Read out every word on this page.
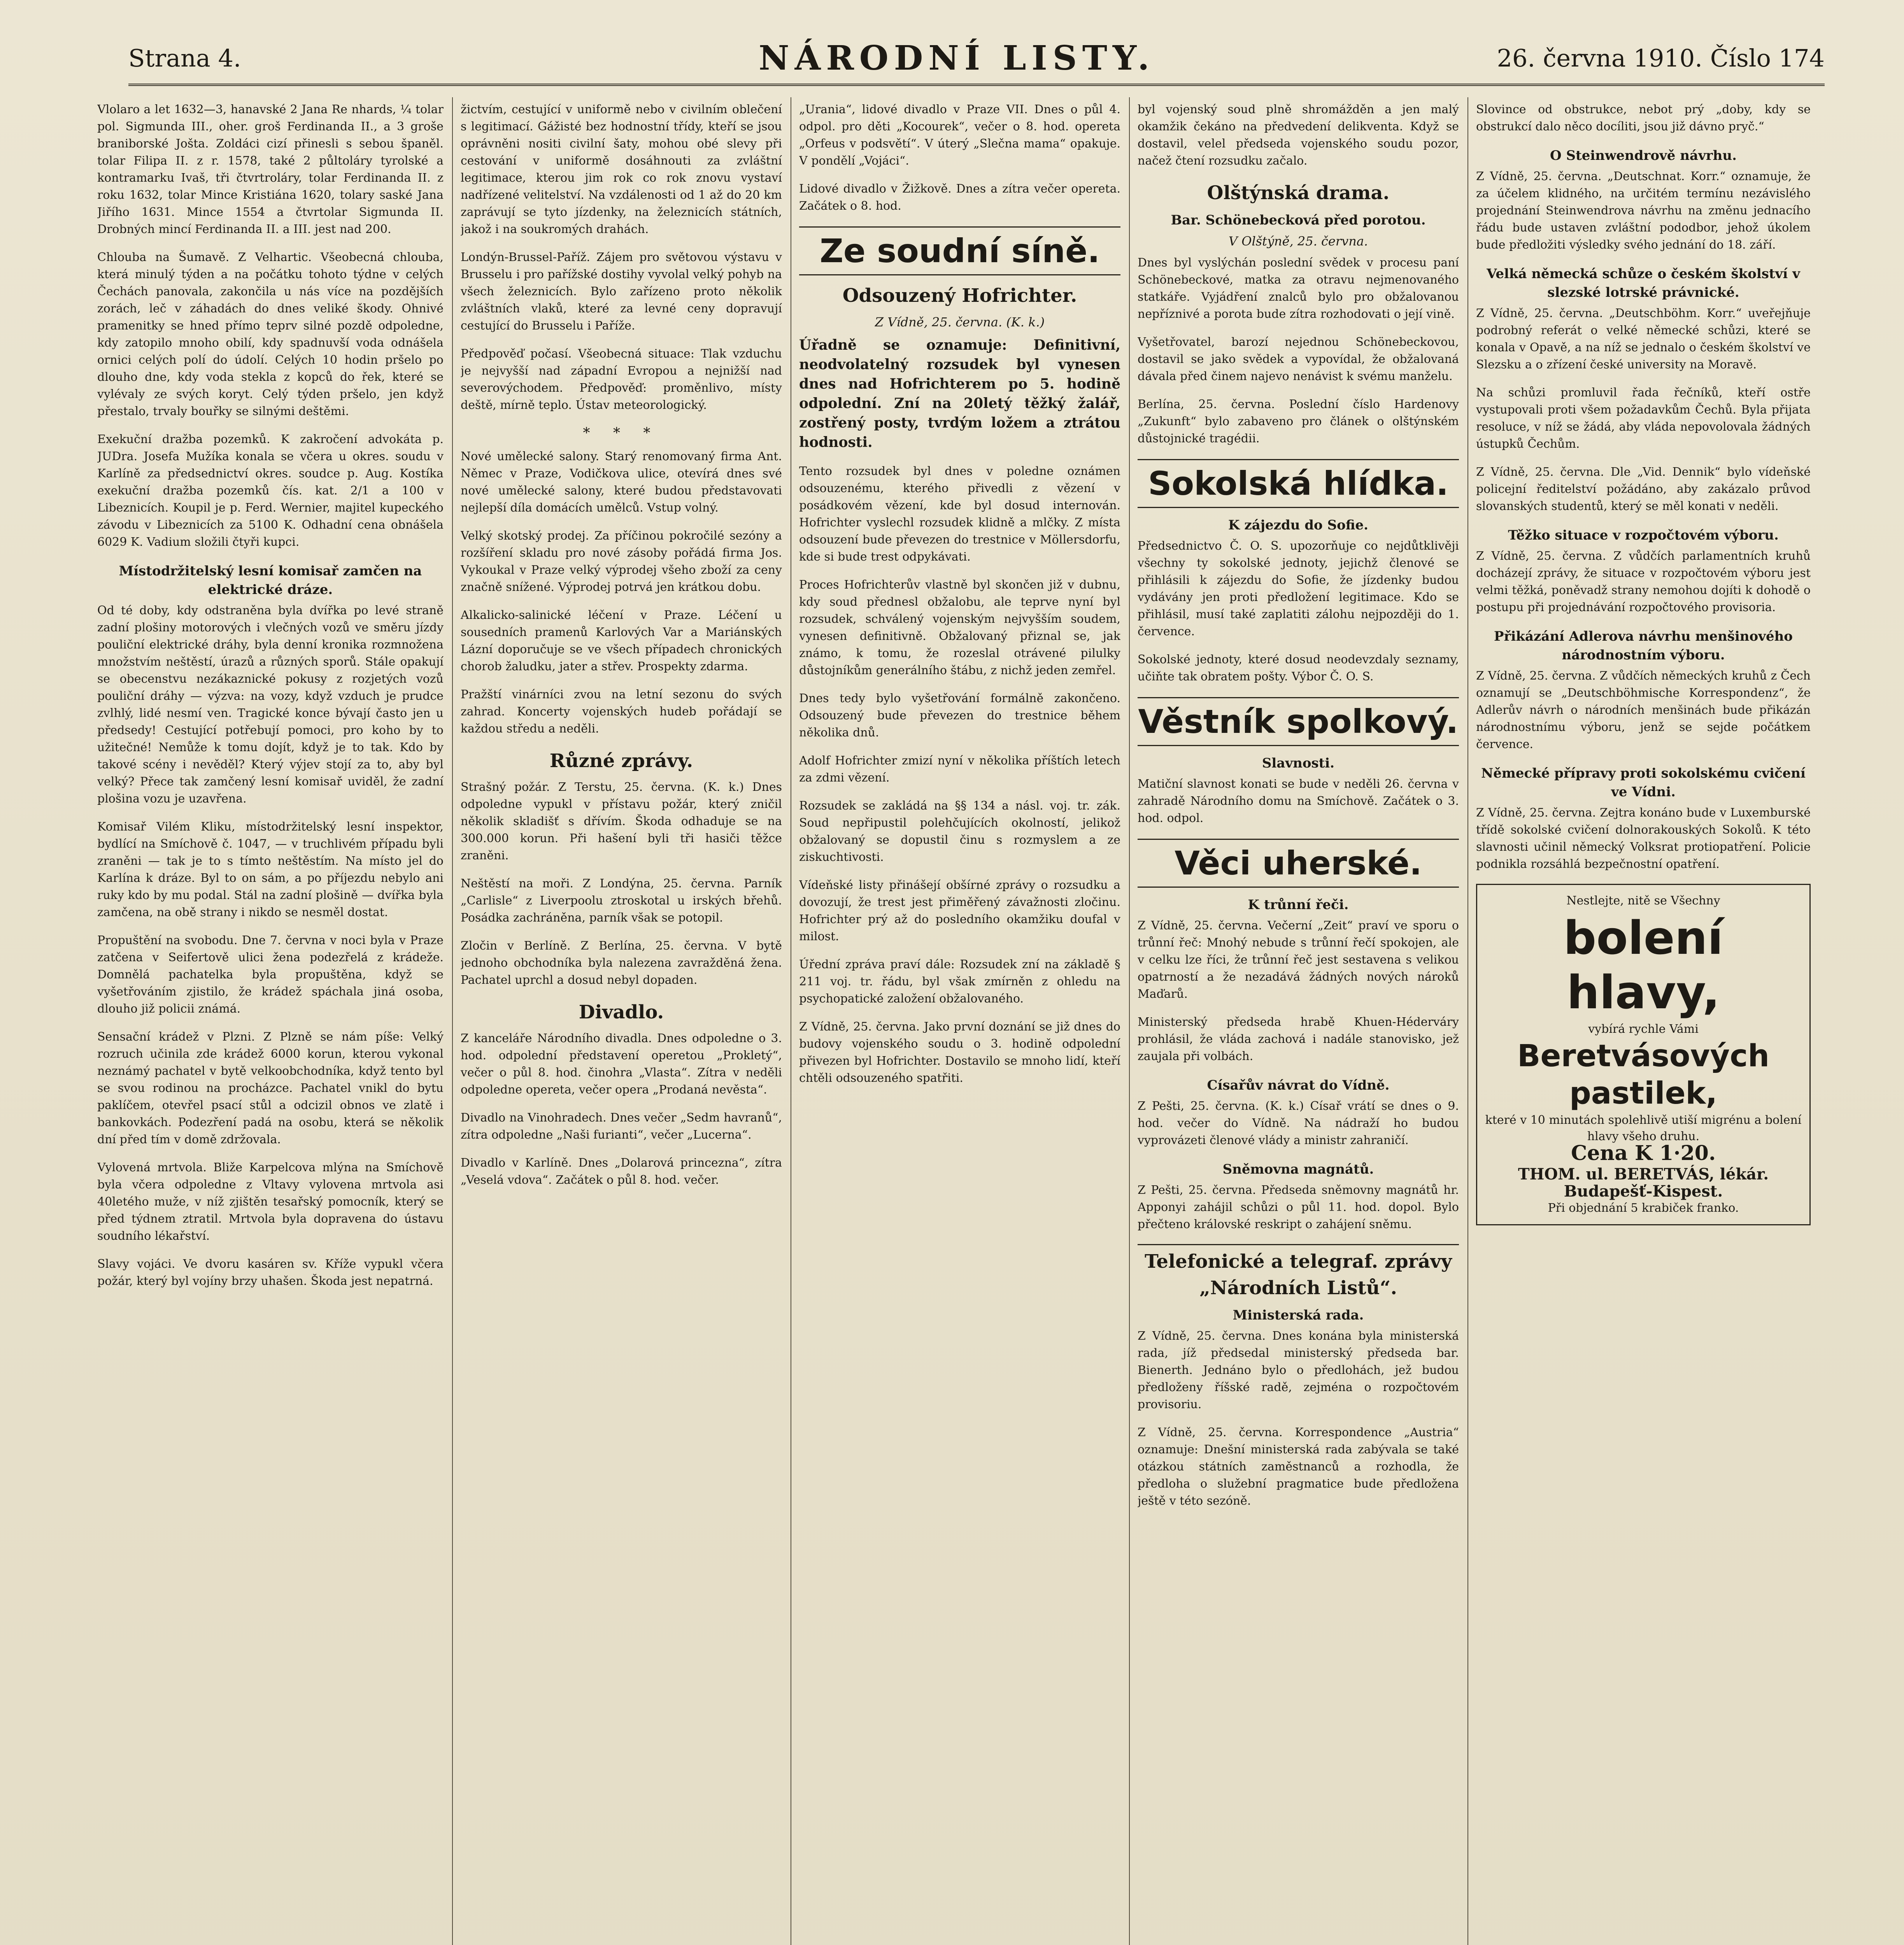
Strana 4.	NÁRODNÍ LISTY.	26. června 1910. Číslo 174
Vlolaro a let 1632—3, hanavské 2 Jana Re nhards, ¼ tolar pol. Sigmunda III., oher. groš Ferdinanda II., a 3 groše braniborské Jošta. Zoldáci cizí přinesli s sebou španěl. tolar Filipa II. z r. 1578, také 2 půltoláry tyrolské a kontramarku Ivaš, tři čtvrtroláry, tolar Ferdinanda II. z roku 1632, tolar Mince Kristiána 1620, tolary saské Jana Jiřího 1631. Mince 1554 a čtvrtolar Sigmunda II. Drobných mincí Ferdinanda II. a III. jest nad 200.
Chlouba na Šumavě. Z Velhartic. Všeobecná chlouba, která minulý týden a na počátku tohoto týdne v celých Čechách panovala, zakončila u nás více na pozdějších zorách, leč v záhadách do dnes veliké škody. Ohnivé pramenitky se hned přímo teprv silné pozdě odpoledne, kdy zatopilo mnoho obilí, kdy spadnuvší voda odnášela ornici celých polí do údolí. Celých 10 hodin pršelo po dlouho dne, kdy voda stekla z kopců do řek, které se vylévaly ze svých koryt. Celý týden pršelo, jen když přestalo, trvaly bouřky se silnými deštěmi.
Exekuční dražba pozemků. K zakročení advokáta p. JUDra. Josefa Mužíka konala se včera u okres. soudu v Karlíně za předsednictví okres. soudce p. Aug. Kostíka exekuční dražba pozemků čís. kat. 2/1 a 100 v Libeznicích. Koupil je p. Ferd. Wernier, majitel kupeckého závodu v Libeznicích za 5100 K. Odhadní cena obnášela 6029 K. Vadium složili čtyři kupci.
Místodržitelský lesní komisař zamčen na elektrické dráze.
Od té doby, kdy odstraněna byla dvířka po levé straně zadní plošiny motorových i vlečných vozů ve směru jízdy pouliční elektrické dráhy, byla denní kronika rozmnožena množstvím neštěstí, úrazů a různých sporů. Stále opakují se obecenstvu nezákaznické pokusy z rozjetých vozů pouliční dráhy — výzva: na vozy, když vzduch je prudce zvlhlý, lidé nesmí ven. Tragické konce bývají často jen u předsedy! Cestující potřebují pomoci, pro koho by to užitečné! Nemůže k tomu dojít, když je to tak. Kdo by takové scény i nevěděl? Který výjev stojí za to, aby byl velký? Přece tak zamčený lesní komisař uviděl, že zadní plošina vozu je uzavřena.
Komisař Vilém Kliku, místodržitelský lesní inspektor, bydlící na Smíchově č. 1047, — v truchlivém případu byli zraněni — tak je to s tímto neštěstím. Na místo jel do Karlína k dráze. Byl to on sám, a po příjezdu nebylo ani ruky kdo by mu podal. Stál na zadní plošině — dvířka byla zamčena, na obě strany i nikdo se nesměl dostat.
Propuštění na svobodu. Dne 7. června v noci byla v Praze zatčena v Seifertově ulici žena podezřelá z krádeže. Domnělá pachatelka byla propuštěna, když se vyšetřováním zjistilo, že krádež spáchala jiná osoba, dlouho již policii známá.
Sensační krádež v Plzni. Z Plzně se nám píše: Velký rozruch učinila zde krádež 6000 korun, kterou vykonal neznámý pachatel v bytě velkoobchodníka, když tento byl se svou rodinou na procházce. Pachatel vnikl do bytu paklíčem, otevřel psací stůl a odcizil obnos ve zlatě i bankovkách. Podezření padá na osobu, která se několik dní před tím v domě zdržovala.
Vylovená mrtvola. Bliže Karpelcova mlýna na Smíchově byla včera odpoledne z Vltavy vylovena mrtvola asi 40letého muže, v níž zjištěn tesařský pomocník, který se před týdnem ztratil. Mrtvola byla dopravena do ústavu soudního lékařství.
Slavy vojáci. Ve dvoru kasáren sv. Kříže vypukl včera požár, který byl vojíny brzy uhašen. Škoda jest nepatrná.
žictvím, cestující v uniformě nebo v civilním oblečení s legitimací. Gážisté bez hodnostní třídy, kteří se jsou oprávněni nositi civilní šaty, mohou obé slevy při cestování v uniformě dosáhnouti za zvláštní legitimace, kterou jim rok co rok znovu vystaví nadřízené velitelství. Na vzdálenosti od 1 až do 20 km zaprávují se tyto jízdenky, na železnicích státních, jakož i na soukromých drahách.
Londýn-Brussel-Paříž. Zájem pro světovou výstavu v Brusselu i pro pařížské dostihy vyvolal velký pohyb na všech železnicích. Bylo zařízeno proto několik zvláštních vlaků, které za levné ceny dopravují cestující do Brusselu i Paříže.
Předpověď počasí. Všeobecná situace: Tlak vzduchu je nejvyšší nad západní Evropou a nejnižší nad severovýchodem. Předpověď: proměnlivo, místy deště, mírně teplo. Ústav meteorologický.
* * *
Nové umělecké salony. Starý renomovaný firma Ant. Němec v Praze, Vodičkova ulice, otevírá dnes své nové umělecké salony, které budou představovati nejlepší díla domácích umělců. Vstup volný.
Velký skotský prodej. Za příčinou pokročilé sezóny a rozšíření skladu pro nové zásoby pořádá firma Jos. Vykoukal v Praze velký výprodej všeho zboží za ceny značně snížené. Výprodej potrvá jen krátkou dobu.
Alkalicko-salinické léčení v Praze. Léčení u sousedních pramenů Karlových Var a Mariánských Lázní doporučuje se ve všech případech chronických chorob žaludku, jater a střev. Prospekty zdarma.
Pražští vinárníci zvou na letní sezonu do svých zahrad. Koncerty vojenských hudeb pořádají se každou středu a neděli.
Různé zprávy.
Strašný požár. Z Terstu, 25. června. (K. k.) Dnes odpoledne vypukl v přístavu požár, který zničil několik skladišť s dřívím. Škoda odhaduje se na 300.000 korun. Při hašení byli tři hasiči těžce zraněni.
Neštěstí na moři. Z Londýna, 25. června. Parník „Carlisle“ z Liverpoolu ztroskotal u irských břehů. Posádka zachráněna, parník však se potopil.
Zločin v Berlíně. Z Berlína, 25. června. V bytě jednoho obchodníka byla nalezena zavražděná žena. Pachatel uprchl a dosud nebyl dopaden.
Divadlo.
Z kanceláře Národního divadla. Dnes odpoledne o 3. hod. odpolední představení operetou „Prokletý“, večer o půl 8. hod. činohra „Vlasta“. Zítra v neděli odpoledne opereta, večer opera „Prodaná nevěsta“.
Divadlo na Vinohradech. Dnes večer „Sedm havranů“, zítra odpoledne „Naši furianti“, večer „Lucerna“.
Divadlo v Karlíně. Dnes „Dolarová princezna“, zítra „Veselá vdova“. Začátek o půl 8. hod. večer.
„Urania“, lidové divadlo v Praze VII. Dnes o půl 4. odpol. pro děti „Kocourek“, večer o 8. hod. opereta „Orfeus v podsvětí“. V úterý „Slečna mama“ opakuje. V pondělí „Vojáci“.
Lidové divadlo v Žižkově. Dnes a zítra večer opereta. Začátek o 8. hod.
Ze soudní síně.
Odsouzený Hofrichter.
Z Vídně, 25. června. (K. k.)
Úřadně se oznamuje: Definitivní, neodvolatelný rozsudek byl vynesen dnes nad Hofrichterem po 5. hodině odpolední. Zní na 20letý těžký žalář, zostřený posty, tvrdým ložem a ztrátou hodnosti.
Tento rozsudek byl dnes v poledne oznámen odsouzenému, kterého přivedli z vězení v posádkovém vězení, kde byl dosud internován. Hofrichter vyslechl rozsudek klidně a mlčky. Z místa odsouzení bude převezen do trestnice v Möllersdorfu, kde si bude trest odpykávati.
Proces Hofrichterův vlastně byl skončen již v dubnu, kdy soud přednesl obžalobu, ale teprve nyní byl rozsudek, schválený vojenským nejvyšším soudem, vynesen definitivně. Obžalovaný přiznal se, jak známo, k tomu, že rozeslal otrávené pilulky důstojníkům generálního štábu, z nichž jeden zemřel.
Dnes tedy bylo vyšetřování formálně zakončeno. Odsouzený bude převezen do trestnice během několika dnů.
Adolf Hofrichter zmizí nyní v několika příštích letech za zdmi vězení.
Rozsudek se zakládá na §§ 134 a násl. voj. tr. zák. Soud nepřipustil polehčujících okolností, jelikož obžalovaný se dopustil činu s rozmyslem a ze ziskuchtivosti.
Vídeňské listy přinášejí obšírné zprávy o rozsudku a dovozují, že trest jest přiměřený závažnosti zločinu. Hofrichter prý až do posledního okamžiku doufal v milost.
Úřední zpráva praví dále: Rozsudek zní na základě § 211 voj. tr. řádu, byl však zmírněn z ohledu na psychopatické založení obžalovaného.
Z Vídně, 25. června. Jako první doznání se již dnes do budovy vojenského soudu o 3. hodině odpolední přivezen byl Hofrichter. Dostavilo se mnoho lidí, kteří chtěli odsouzeného spatřiti.
byl vojenský soud plně shromážděn a jen malý okamžik čekáno na předvedení delikventa. Když se dostavil, velel předseda vojenského soudu pozor, načež čtení rozsudku začalo.
Olštýnská drama.
Bar. Schönebecková před porotou.
V Olštýně, 25. června.
Dnes byl vyslýchán poslední svědek v procesu paní Schönebeckové, matka za otravu nejmenovaného statkáře. Vyjádření znalců bylo pro obžalovanou nepříznivé a porota bude zítra rozhodovati o její vině.
Vyšetřovatel, barozí nejednou Schönebeckovou, dostavil se jako svědek a vypovídal, že obžalovaná dávala před činem najevo nenávist k svému manželu.
Berlína, 25. června. Poslední číslo Hardenovy „Zukunft“ bylo zabaveno pro článek o olštýnském důstojnické tragédii.
Sokolská hlídka.
K zájezdu do Sofie.
Předsednictvo Č. O. S. upozorňuje co nejdůtklivěji všechny ty sokolské jednoty, jejichž členové se přihlásili k zájezdu do Sofie, že jízdenky budou vydávány jen proti předložení legitimace. Kdo se přihlásil, musí také zaplatiti zálohu nejpozději do 1. července.
Sokolské jednoty, které dosud neodevzdaly seznamy, učiňte tak obratem pošty. Výbor Č. O. S.
Věstník spolkový.
Slavnosti.
Matiční slavnost konati se bude v neděli 26. června v zahradě Národního domu na Smíchově. Začátek o 3. hod. odpol.
Věci uherské.
K trůnní řeči.
Z Vídně, 25. června. Večerní „Zeit“ praví ve sporu o trůnní řeč: Mnohý nebude s trůnní řečí spokojen, ale v celku lze říci, že trůnní řeč jest sestavena s velikou opatrností a že nezadává žádných nových nároků Maďarů.
Ministerský předseda hrabě Khuen-Héderváry prohlásil, že vláda zachová i nadále stanovisko, jež zaujala při volbách.
Císařův návrat do Vídně.
Z Pešti, 25. června. (K. k.) Císař vrátí se dnes o 9. hod. večer do Vídně. Na nádraží ho budou vyprovázeti členové vlády a ministr zahraničí.
Sněmovna magnátů.
Z Pešti, 25. června. Předseda sněmovny magnátů hr. Apponyi zahájil schůzi o půl 11. hod. dopol. Bylo přečteno královské reskript o zahájení sněmu.
Telefonické a telegraf. zprávy
„Národních Listů“.
Ministerská rada.
Z Vídně, 25. června. Dnes konána byla ministerská rada, jíž předsedal ministerský předseda bar. Bienerth. Jednáno bylo o předlohách, jež budou předloženy říšské radě, zejména o rozpočtovém provisoriu.
Z Vídně, 25. června. Korrespondence „Austria“ oznamuje: Dnešní ministerská rada zabývala se také otázkou státních zaměstnanců a rozhodla, že předloha o služební pragmatice bude předložena ještě v této sezóně.
Slovince od obstrukce, nebot prý „doby, kdy se obstrukcí dalo něco docíliti, jsou již dávno pryč.“
O Steinwendrově návrhu.
Z Vídně, 25. června. „Deutschnat. Korr.“ oznamuje, že za účelem klidného, na určitém termínu nezávislého projednání Steinwendrova návrhu na změnu jednacího řádu bude ustaven zvláštní pododbor, jehož úkolem bude předložiti výsledky svého jednání do 18. září.
Velká německá schůze o českém školství v slezské lotrské právnické.
Z Vídně, 25. června. „Deutschböhm. Korr.“ uveřejňuje podrobný referát o velké německé schůzi, které se konala v Opavě, a na níž se jednalo o českém školství ve Slezsku a o zřízení české university na Moravě.
Na schůzi promluvil řada řečníků, kteří ostře vystupovali proti všem požadavkům Čechů. Byla přijata resoluce, v níž se žádá, aby vláda nepovolovala žádných ústupků Čechům.
Z Vídně, 25. června. Dle „Vid. Dennik“ bylo vídeňské policejní ředitelství požádáno, aby zakázalo průvod slovanských studentů, který se měl konati v neděli.
Těžko situace v rozpočtovém výboru.
Z Vídně, 25. června. Z vůdčích parlamentních kruhů docházejí zprávy, že situace v rozpočtovém výboru jest velmi těžká, poněvadž strany nemohou dojíti k dohodě o postupu při projednávání rozpočtového provisoria.
Přikázání Adlerova návrhu menšinového národnostním výboru.
Z Vídně, 25. června. Z vůdčích německých kruhů z Čech oznamují se „Deutschböhmische Korrespondenz“, že Adlerův návrh o národních menšinách bude přikázán národnostnímu výboru, jenž se sejde počátkem července.
Německé přípravy proti sokolskému cvičení ve Vídni.
Z Vídně, 25. června. Zejtra konáno bude v Luxemburské třídě sokolské cvičení dolnorakouských Sokolů. K této slavnosti učinil německý Volksrat protiopatření. Policie podnikla rozsáhlá bezpečnostní opatření.
Nestlejte, nitě se Všechny
bolení
hlavy,
vybírá rychle Vámi
Beretvásových pastilek,
které v 10 minutách spolehlivě utiší migrénu a bolení hlavy všeho druhu.
Cena K 1·20.
THOM. ul. BERETVÁS, lékár. Budapešť-Kispest.
Při objednání 5 krabiček franko.
